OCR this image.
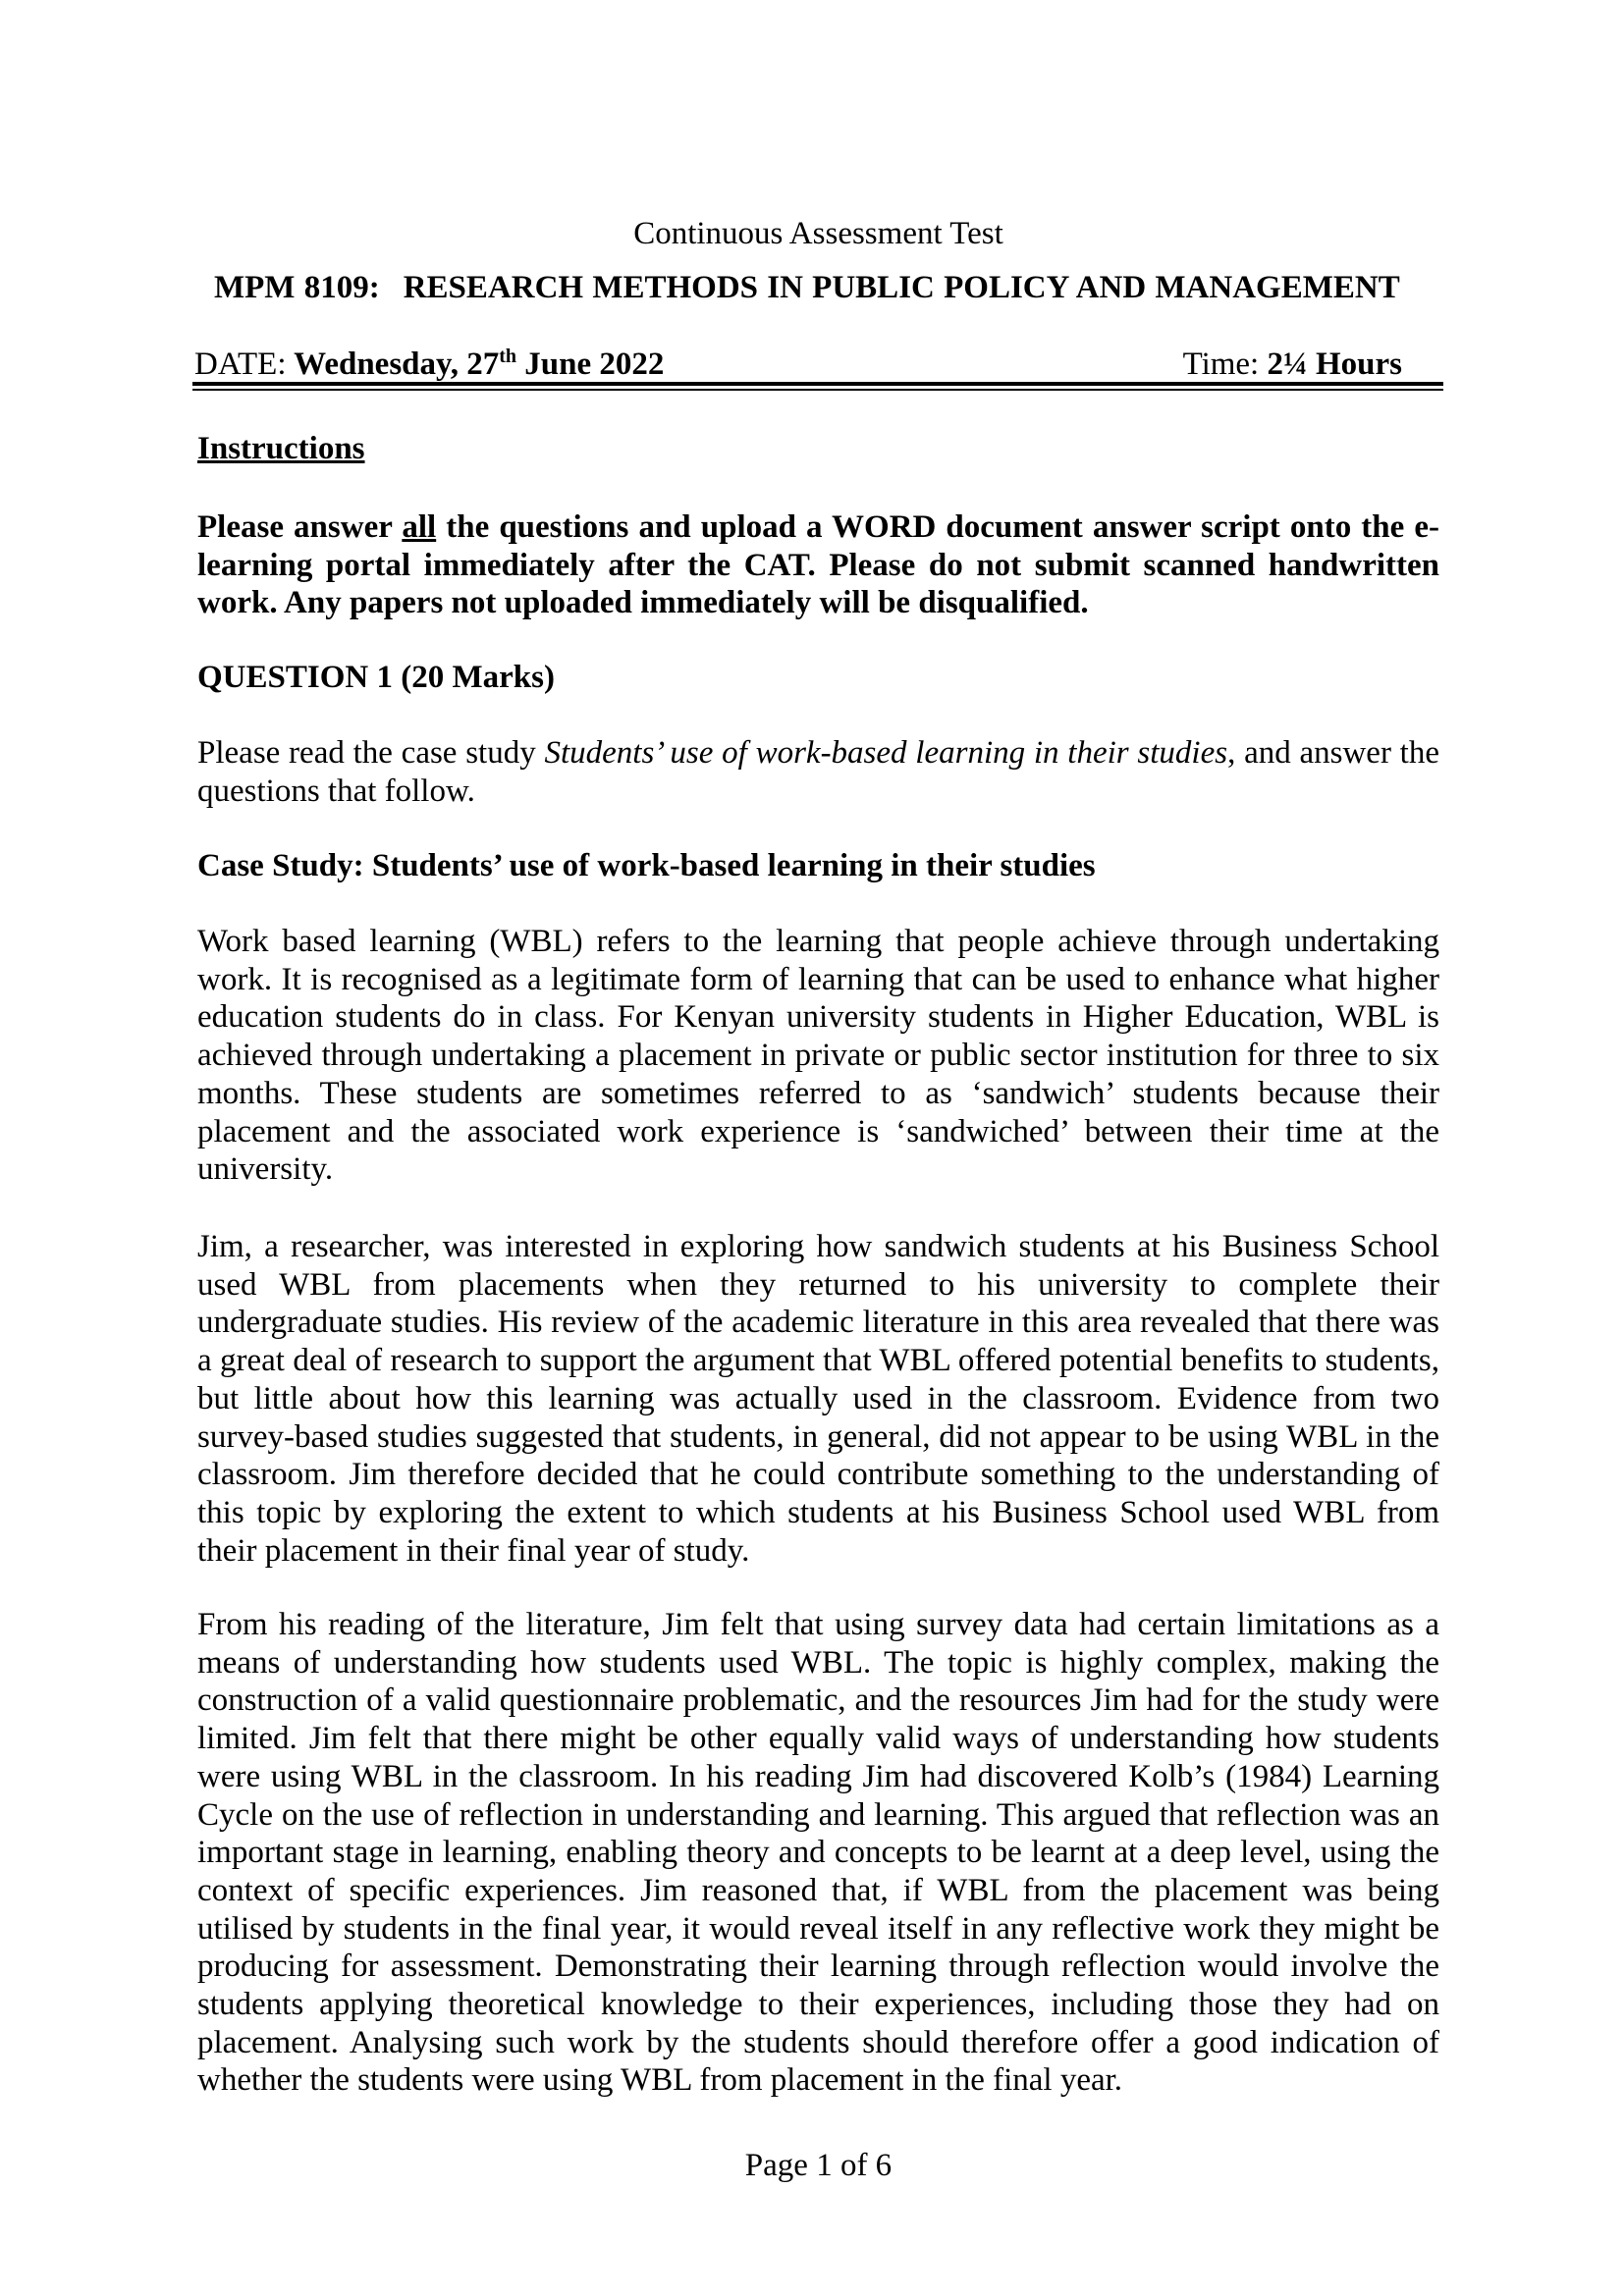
Continuous Assessment Test
MPM 8109: RESEARCH METHODS IN PUBLIC POLICY AND MANAGEMENT
DATE: Wednesday, 27th June 2022	Time: 2¼ Hours
Instructions

Please answer all the questions and upload a WORD document answer script onto the e-learning portal immediately after the CAT. Please do not submit scanned handwritten work. Any papers not uploaded immediately will be disqualified.

QUESTION 1 (20 Marks)

Please read the case study Students’ use of work-based learning in their studies, and answer the questions that follow.

Case Study: Students’ use of work-based learning in their studies

Work based learning (WBL) refers to the learning that people achieve through undertaking work. It is recognised as a legitimate form of learning that can be used to enhance what higher education students do in class. For Kenyan university students in Higher Education, WBL is achieved through undertaking a placement in private or public sector institution for three to six months. These students are sometimes referred to as ‘sandwich’ students because their placement and the associated work experience is ‘sandwiched’ between their time at the university.

Jim, a researcher, was interested in exploring how sandwich students at his Business School used WBL from placements when they returned to his university to complete their undergraduate studies. His review of the academic literature in this area revealed that there was a great deal of research to support the argument that WBL offered potential benefits to students, but little about how this learning was actually used in the classroom. Evidence from two survey-based studies suggested that students, in general, did not appear to be using WBL in the classroom. Jim therefore decided that he could contribute something to the understanding of this topic by exploring the extent to which students at his Business School used WBL from their placement in their final year of study.

From his reading of the literature, Jim felt that using survey data had certain limitations as a means of understanding how students used WBL. The topic is highly complex, making the construction of a valid questionnaire problematic, and the resources Jim had for the study were limited. Jim felt that there might be other equally valid ways of understanding how students were using WBL in the classroom. In his reading Jim had discovered Kolb’s (1984) Learning Cycle on the use of reflection in understanding and learning. This argued that reflection was an important stage in learning, enabling theory and concepts to be learnt at a deep level, using the context of specific experiences. Jim reasoned that, if WBL from the placement was being utilised by students in the final year, it would reveal itself in any reflective work they might be producing for assessment. Demonstrating their learning through reflection would involve the students applying theoretical knowledge to their experiences, including those they had on placement. Analysing such work by the students should therefore offer a good indication of whether the students were using WBL from placement in the final year.

Page 1 of 6
